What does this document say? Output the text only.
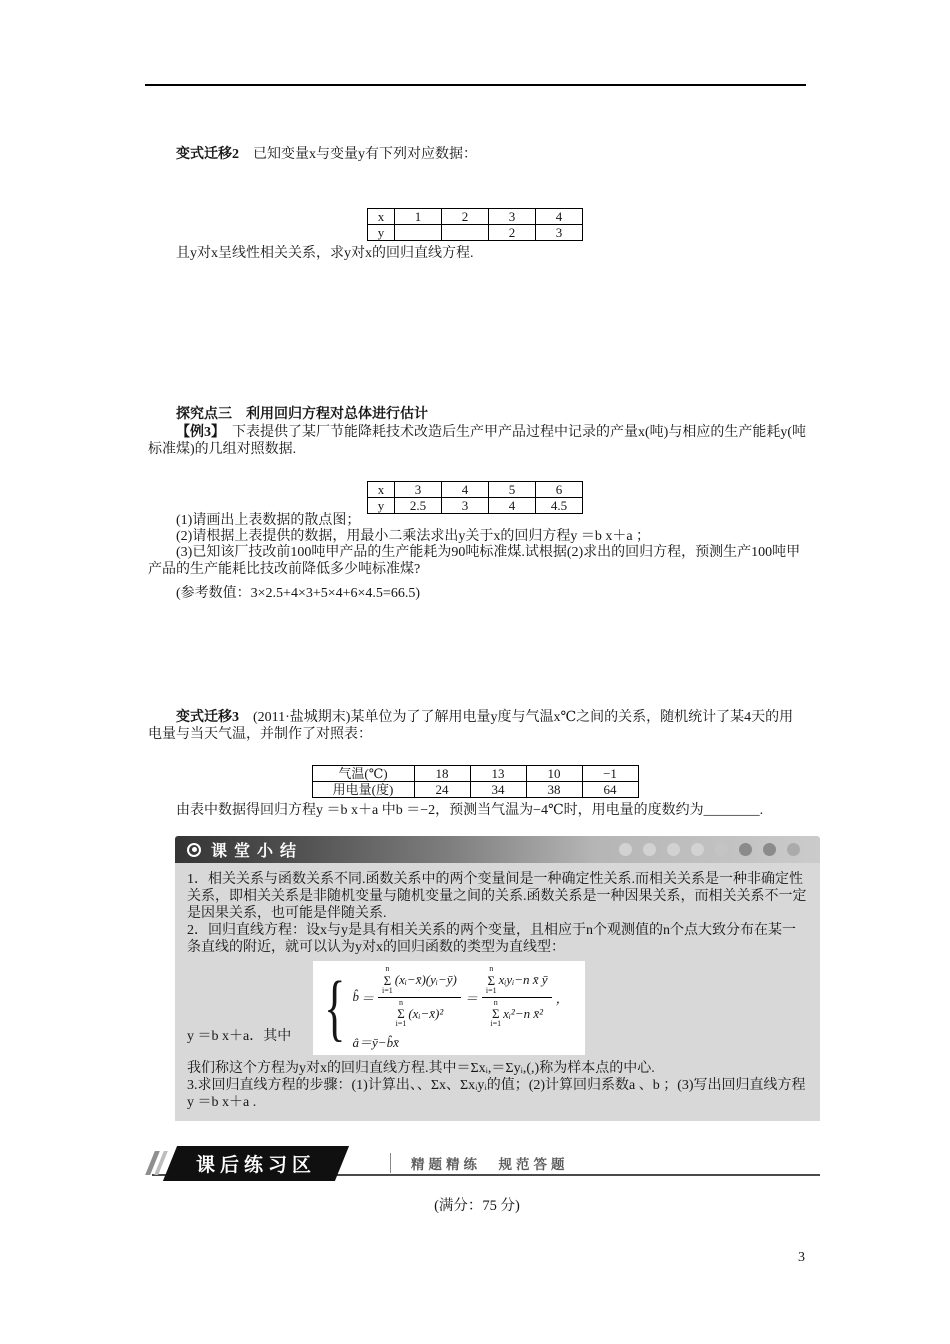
变式迁移2　已知变量x与变量y有下列对应数据：

x	1	2	3	4
y			2	3

且y对x呈线性相关关系，求y对x的回归直线方程.

探究点三　利用回归方程对总体进行估计

【例3】　下表提供了某厂节能降耗技术改造后生产甲产品过程中记录的产量x(吨)与相应的生产能耗y(吨标准煤)的几组对照数据.

x	3	4	5	6
y	2.5	3	4	4.5

(1)请画出上表数据的散点图；

(2)请根据上表提供的数据，用最小二乘法求出y关于x的回归方程y ＝b x＋a ；

(3)已知该厂技改前100吨甲产品的生产能耗为90吨标准煤.试根据(2)求出的回归方程，预测生产100吨甲产品的生产能耗比技改前降低多少吨标准煤?

(参考数值：3×2.5+4×3+5×4+6×4.5=66.5)

变式迁移3　(2011·盐城期末)某单位为了了解用电量y度与气温x℃之间的关系，随机统计了某4天的用电量与当天气温，并制作了对照表：

气温(℃)	18	13	10	−1
用电量(度)	24	34	38	64

由表中数据得回归方程y ＝b x＋a 中b ＝−2，预测当气温为−4℃时，用电量的度数约为________.

课堂小结

1．相关关系与函数关系不同.函数关系中的两个变量间是一种确定性关系.而相关关系是一种非确定性关系，即相关关系是非随机变量与随机变量之间的关系.函数关系是一种因果关系，而相关关系不一定是因果关系，也可能是伴随关系.

2．回归直线方程：设x与y是具有相关关系的两个变量，且相应于n个观测值的n个点大致分布在某一条直线的附近，就可以认为y对x的回归函数的类型为直线型：

y ＝b x＋a．其中 { b̂ ＝ n
Σ
i=1
(xᵢ−x̄)(yᵢ−ȳ)
n
Σ
i=1
(xᵢ−x̄)² ＝ n
Σ
i=1
xᵢyᵢ−n x̄ ȳ
n
Σ
i=1
xᵢ²−n x̄² ，
â＝ȳ−b̂x̄

我们称这个方程为y对x的回归直线方程.其中＝Σxᵢ,＝Σyᵢ,(,)称为样本点的中心.

3.求回归直线方程的步骤：(1)计算出、、Σx、Σxᵢyᵢ的值；(2)计算回归系数a 、b ；(3)写出回归直线方程y ＝b x＋a .

课后练习区	精题精练　规范答题

(满分：75 分)

3
